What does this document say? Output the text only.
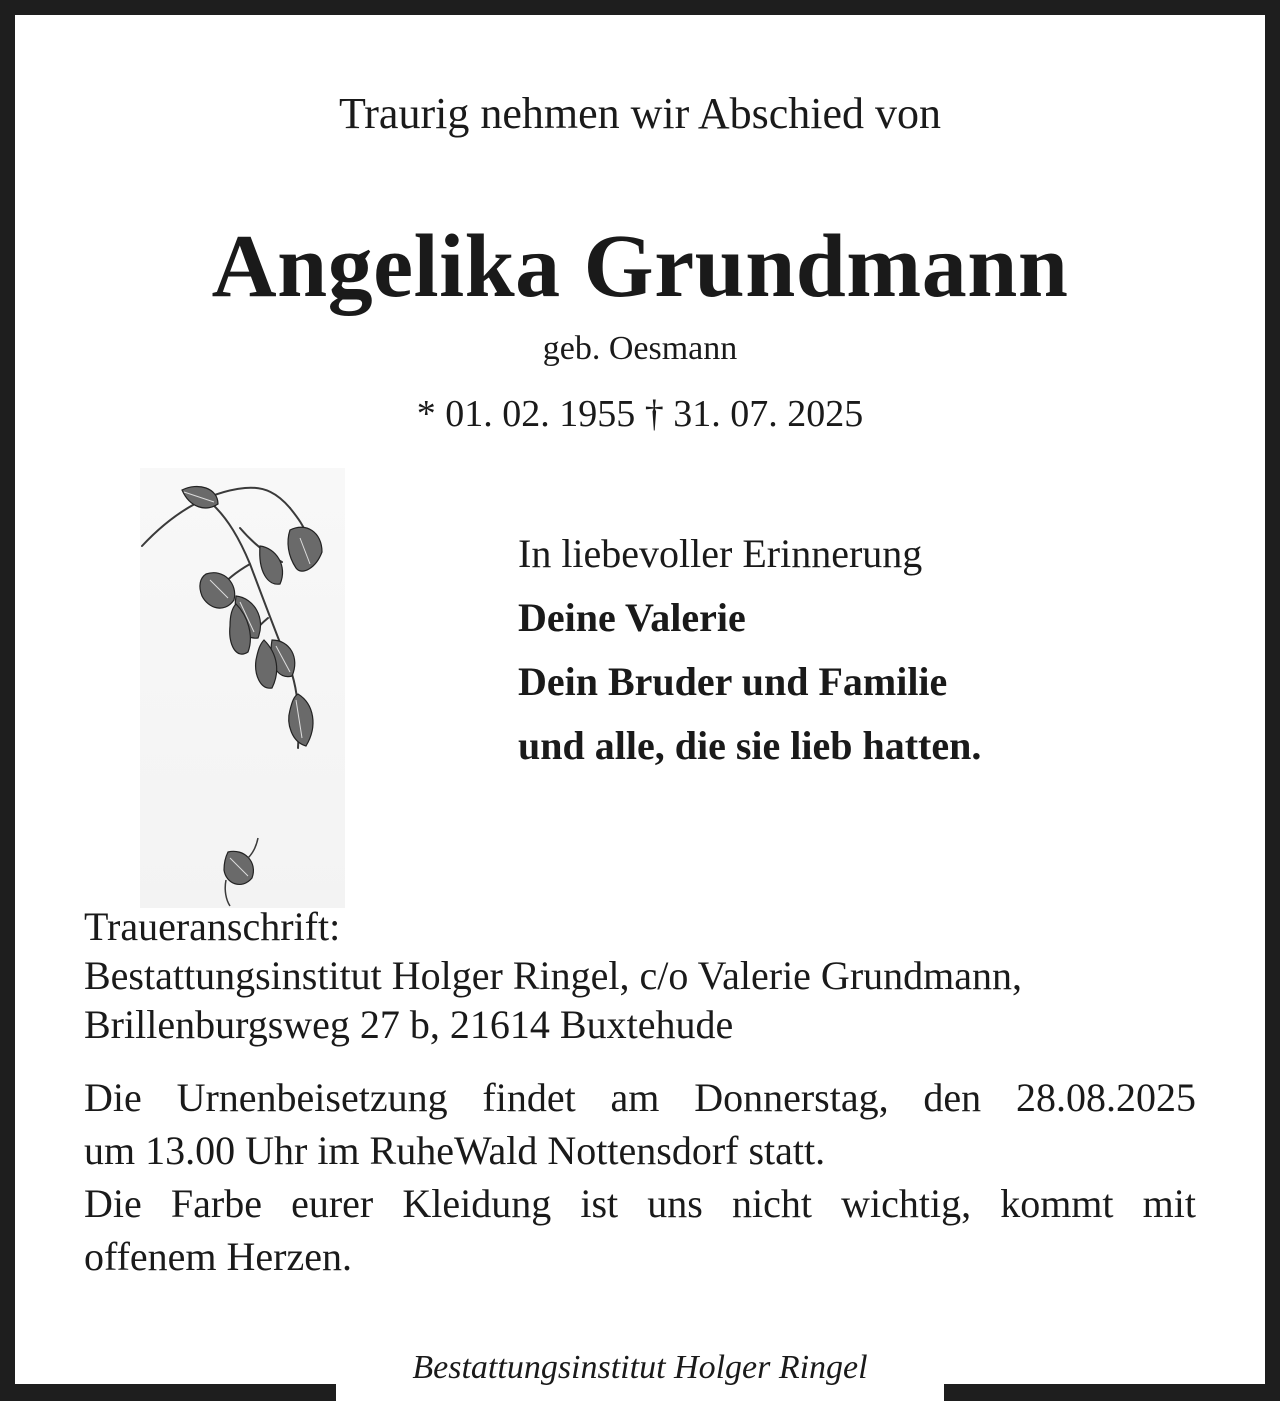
Traurig nehmen wir Abschied von
Angelika Grundmann
geb. Oesmann
* 01. 02. 1955 † 31. 07. 2025
In liebevoller Erinnerung
Deine Valerie
Dein Bruder und Familie
und alle, die sie lieb hatten.
Traueranschrift:
Bestattungsinstitut Holger Ringel, c/o Valerie Grundmann,
Brillenburgsweg 27 b, 21614 Buxtehude
Die Urnenbeisetzung findet am Donnerstag, den 28.08.2025
um 13.00 Uhr im RuheWald Nottensdorf statt.
Die Farbe eurer Kleidung ist uns nicht wichtig, kommt mit
offenem Herzen.
Bestattungsinstitut Holger Ringel
